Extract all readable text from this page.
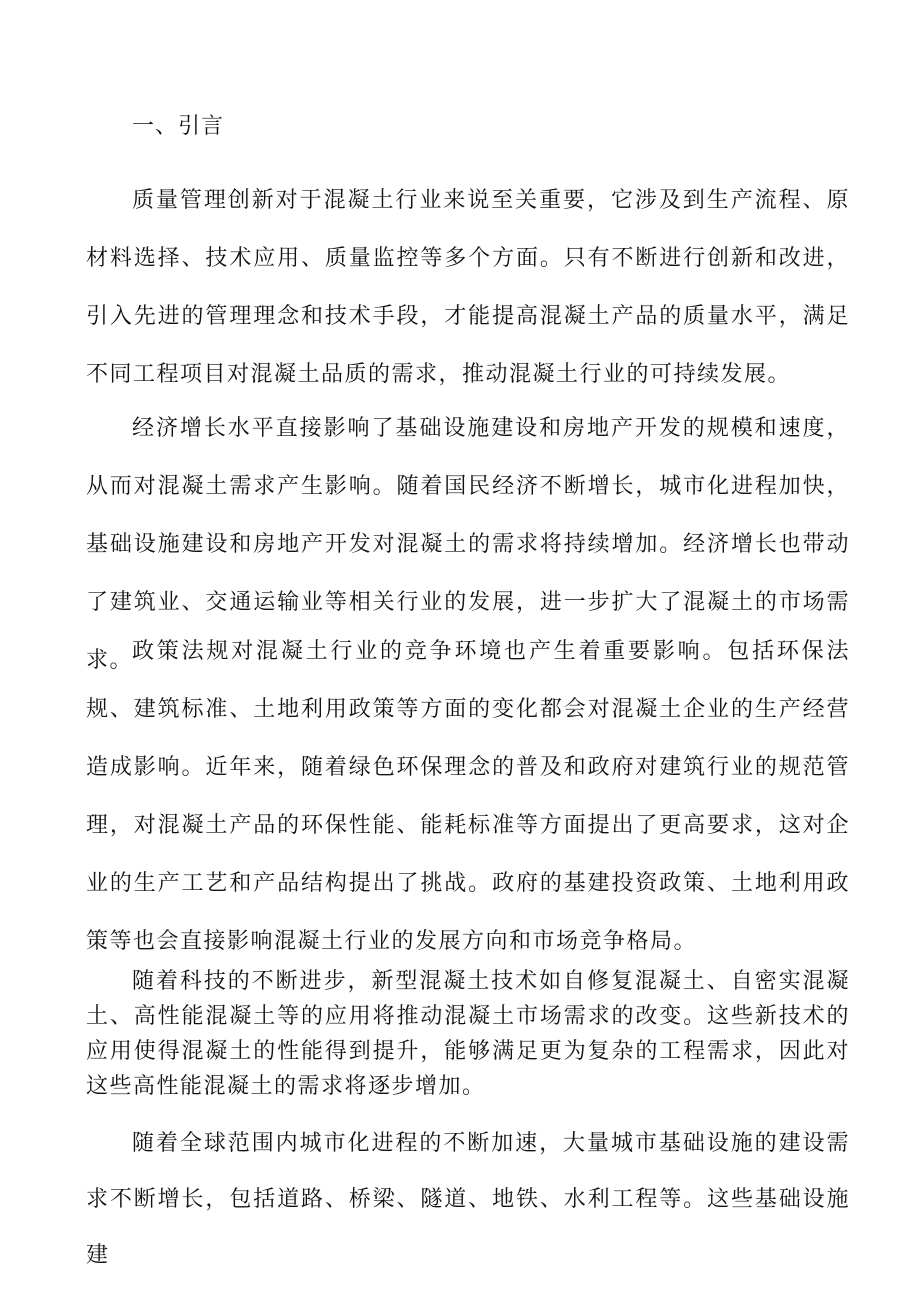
一、引言

质量管理创新对于混凝土行业来说至关重要，它涉及到生产流程、原材料选择、技术应用、质量监控等多个方面。只有不断进行创新和改进，引入先进的管理理念和技术手段，才能提高混凝土产品的质量水平，满足不同工程项目对混凝土品质的需求，推动混凝土行业的可持续发展。

经济增长水平直接影响了基础设施建设和房地产开发的规模和速度，从而对混凝土需求产生影响。随着国民经济不断增长，城市化进程加快，基础设施建设和房地产开发对混凝土的需求将持续增加。经济增长也带动了建筑业、交通运输业等相关行业的发展，进一步扩大了混凝土的市场需求。

政策法规对混凝土行业的竞争环境也产生着重要影响。包括环保法规、建筑标准、土地利用政策等方面的变化都会对混凝土企业的生产经营造成影响。近年来，随着绿色环保理念的普及和政府对建筑行业的规范管理，对混凝土产品的环保性能、能耗标准等方面提出了更高要求，这对企业的生产工艺和产品结构提出了挑战。政府的基建投资政策、土地利用政策等也会直接影响混凝土行业的发展方向和市场竞争格局。

随着科技的不断进步，新型混凝土技术如自修复混凝土、自密实混凝土、高性能混凝土等的应用将推动混凝土市场需求的改变。这些新技术的应用使得混凝土的性能得到提升，能够满足更为复杂的工程需求，因此对这些高性能混凝土的需求将逐步增加。

随着全球范围内城市化进程的不断加速，大量城市基础设施的建设需求不断增长，包括道路、桥梁、隧道、地铁、水利工程等。这些基础设施建
